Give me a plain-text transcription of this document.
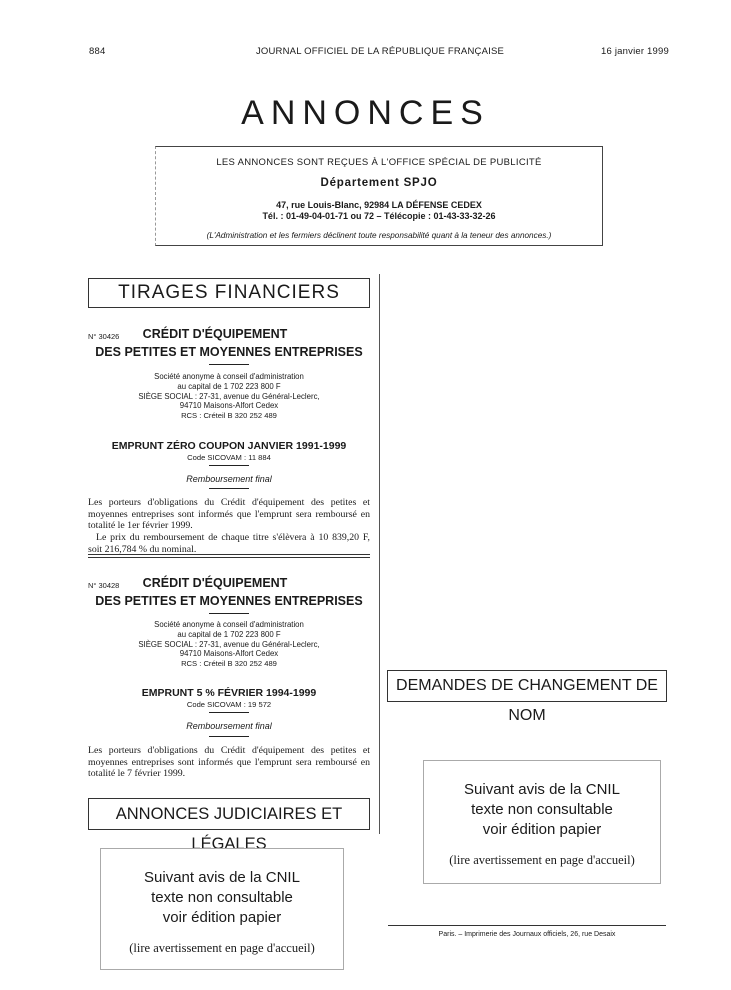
884	JOURNAL OFFICIEL DE LA RÉPUBLIQUE FRANÇAISE	16 janvier 1999
ANNONCES
LES ANNONCES SONT REÇUES À L'OFFICE SPÉCIAL DE PUBLICITÉ
Département SPJO
47, rue Louis-Blanc, 92984 LA DÉFENSE CEDEX
Tél. : 01-49-04-01-71 ou 72 – Télécopie : 01-43-33-32-26
(L'Administration et les fermiers déclinent toute responsabilité quant à la teneur des annonces.)
TIRAGES FINANCIERS
N° 30426	CRÉDIT D'ÉQUIPEMENT
DES PETITES ET MOYENNES ENTREPRISES
Société anonyme à conseil d'administration
au capital de 1 702 223 800 F
SIÈGE SOCIAL : 27-31, avenue du Général-Leclerc,
94710 Maisons-Alfort Cedex
RCS : Créteil B 320 252 489
EMPRUNT ZÉRO COUPON JANVIER 1991-1999
Code SICOVAM : 11 884
Remboursement final
Les porteurs d'obligations du Crédit d'équipement des petites et moyennes entreprises sont informés que l'emprunt sera remboursé en totalité le 1er février 1999.
Le prix du remboursement de chaque titre s'élèvera à 10 839,20 F, soit 216,784 % du nominal.
N° 30428	CRÉDIT D'ÉQUIPEMENT
DES PETITES ET MOYENNES ENTREPRISES
Société anonyme à conseil d'administration
au capital de 1 702 223 800 F
SIÈGE SOCIAL : 27-31, avenue du Général-Leclerc,
94710 Maisons-Alfort Cedex
RCS : Créteil B 320 252 489
EMPRUNT 5 % FÉVRIER 1994-1999
Code SICOVAM : 19 572
Remboursement final
Les porteurs d'obligations du Crédit d'équipement des petites et moyennes entreprises sont informés que l'emprunt sera remboursé en totalité le 7 février 1999.
ANNONCES JUDICIAIRES ET LÉGALES
Suivant avis de la CNIL
texte non consultable
voir édition papier
(lire avertissement en page d'accueil)
DEMANDES DE CHANGEMENT DE NOM
Suivant avis de la CNIL
texte non consultable
voir édition papier
(lire avertissement en page d'accueil)
Paris. – Imprimerie des Journaux officiels, 26, rue Desaix
